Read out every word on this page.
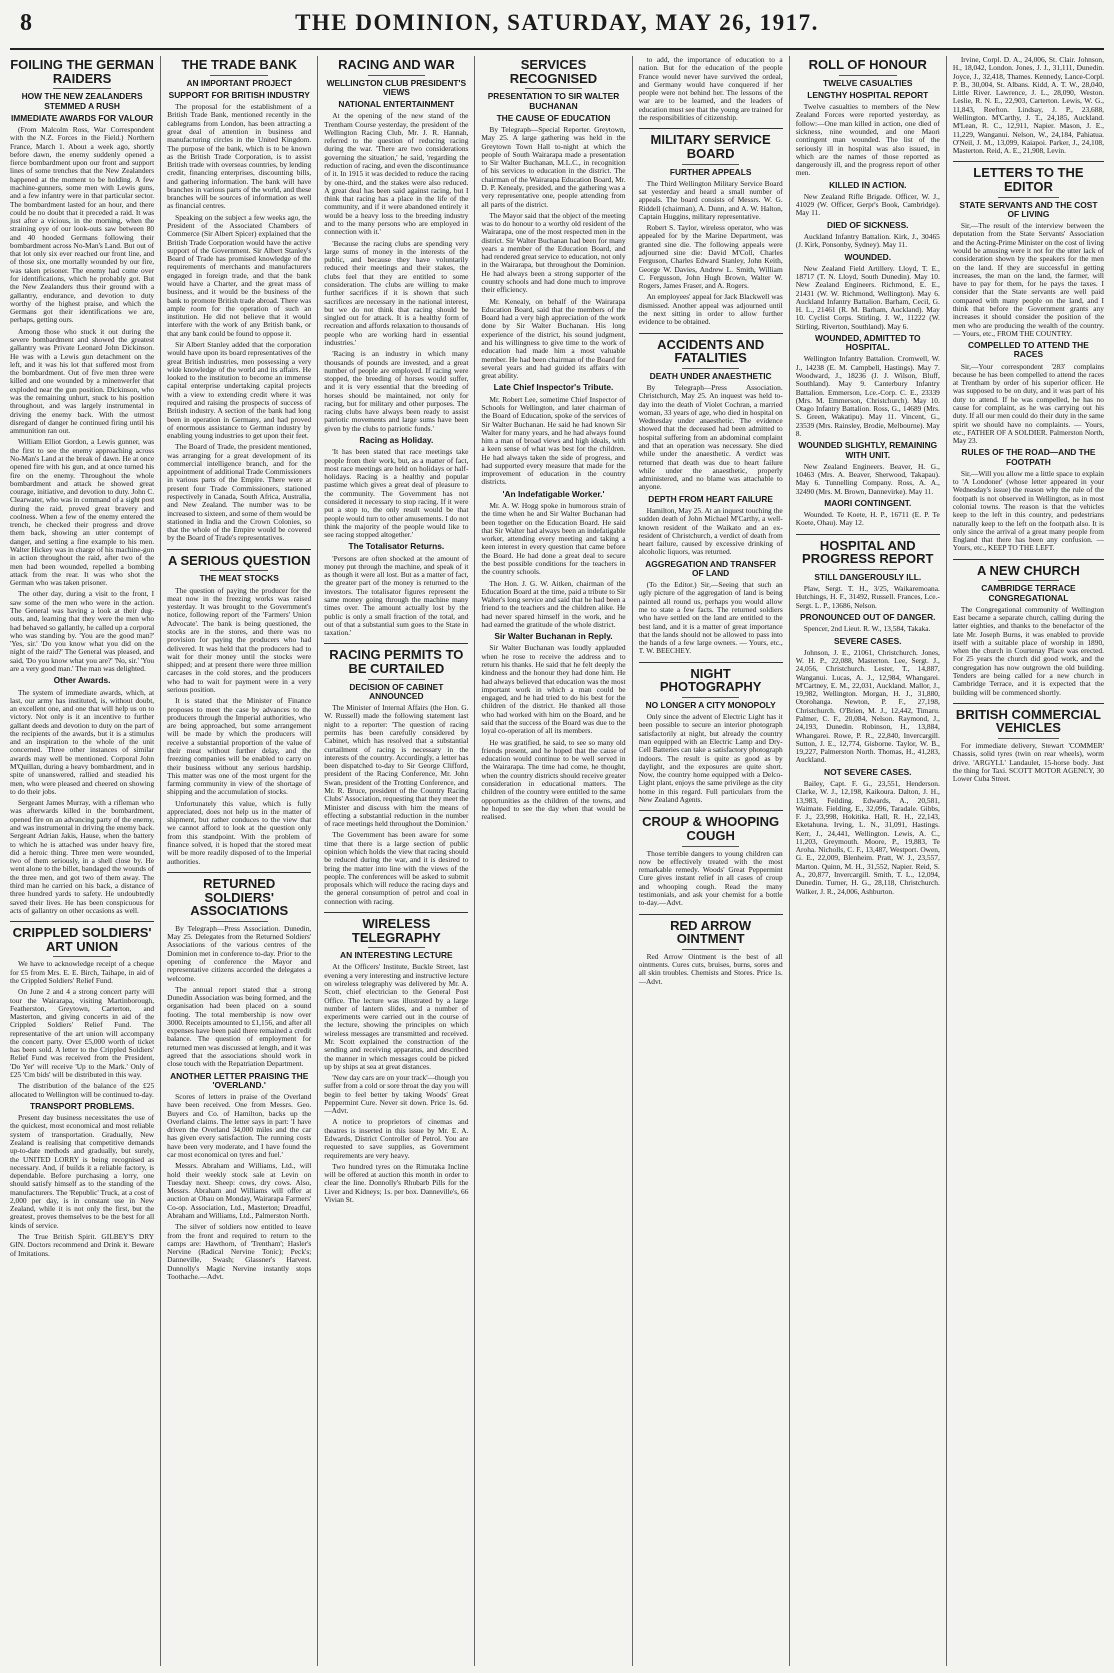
8	THE DOMINION, SATURDAY, MAY 26, 1917.
FOILING THE GERMAN RAIDERS
HOW THE NEW ZEALANDERS STEMMED A RUSH
IMMEDIATE AWARDS FOR VALOUR
(From Malcolm Ross, War Correspondent with the N.Z. Forces in the Field.) Northern France, March 1. About a week ago, shortly before dawn, the enemy suddenly opened a fierce bombardment upon our front and support lines of some trenches that the New Zealanders happened at the moment to be holding. A few machine-gunners, some men with Lewis guns, and a few infantry were in that particular sector. The bombardment lasted for an hour, and there could be no doubt that it preceded a raid. It was just after a vicious, in the morning, when the straining eye of our look-outs saw between 80 and 40 hooded Germans following their bombardment across No-Man's Land. But out of that lot only six ever reached our front line, and of those six, one mortally wounded by our fire, was taken prisoner. The enemy had come over for identifications, which he probably got. But the New Zealanders thus their ground with a gallantry, endurance, and devotion to duty worthy of the highest praise, and which the Germans got their identifications we are, perhaps, getting ours.
Among those who stuck it out during the severe bombardment and showed the greatest gallantry was Private Leonard John Dickinson. He was with a Lewis gun detachment on the left, and it was his lot that suffered most from the bombardment. Out of five men three were killed and one wounded by a minenwerfer that exploded near the gun position. Dickinson, who was the remaining unhurt, stuck to his position throughout, and was largely instrumental in driving the enemy back. With the utmost disregard of danger he continued firing until his ammunition ran out.
William Elliot Gordon, a Lewis gunner, was the first to see the enemy approaching across No-Man's Land at the break of dawn. He at once opened fire with his gun, and at once turned his fire on the enemy. Throughout the whole bombardment and attack he showed great courage, initiative, and devotion to duty. John C. Clearwater, who was in command of a sight post during the raid, proved great bravery and coolness. When a few of the enemy entered the trench, he checked their progress and drove them back, showing an utter contempt of danger, and setting a fine example to his men. Walter Hickey was in charge of his machine-gun in action throughout the raid, after two of the men had been wounded, repelled a bombing attack from the rear. It was who shot the German who was taken prisoner.
The other day, during a visit to the front, I saw some of the men who were in the action. The General was having a look at their dug-outs, and, learning that they were the men who had behaved so gallantly, he called up a corporal who was standing by. 'You are the good man?' 'Yes, sir.' 'Do you know what you did on the night of the raid?' The General was pleased, and said, 'Do you know what you are?' 'No, sir.' 'You are a very good man.' The man was delighted.
Other Awards.
The system of immediate awards, which, at last, our army has instituted, is, without doubt, an excellent one, and one that will help us on to victory. Not only is it an incentive to further gallant deeds and devotion to duty on the part of the recipients of the awards, but it is a stimulus and an inspiration to the whole of the unit concerned. Three other instances of similar awards may well be mentioned. Corporal John M'Quillan, during a heavy bombardment, and in spite of unanswered, rallied and steadied his men, who were pleased and cheered on showing to do their jobs.
Sergeant James Murray, with a rifleman who was afterwards killed in the bombardment, opened fire on an advancing party of the enemy, and was instrumental in driving the enemy back. Sergeant Adrian Jakis, Hause, when the battery to which he is attached was under heavy fire, did a heroic thing. Three men were wounded, two of them seriously, in a shell close by. He went alone to the billet, bandaged the wounds of the three men, and got two of them away. The third man he carried on his back, a distance of three hundred yards to safety. He undoubtedly saved their lives. He has been conspicuous for acts of gallantry on other occasions as well.
CRIPPLED SOLDIERS' ART UNION
We have to acknowledge receipt of a cheque for £5 from Mrs. E. E. Birch, Taihape, in aid of the Crippled Soldiers' Relief Fund.
On June 2 and 4 a strong concert party will tour the Wairarapa, visiting Martinborough, Featherston, Greytown, Carterton, and Masterton, and giving concerts in aid of the Crippled Soldiers' Relief Fund. The representative of the art union will accompany the concert party. Over £5,000 worth of ticket has been sold. A letter to the Crippled Soldiers' Relief Fund was received from the President, 'Do Yer' will receive 'Up to the Mark.' Only of £25 'Cm bids' will be distributed in this way.
The distribution of the balance of the £25 allocated to Wellington will be continued to-day.
TRANSPORT PROBLEMS.
Present day business necessitates the use of the quickest, most economical and most reliable system of transportation. Gradually, New Zealand is realising that competitive demands up-to-date methods and gradually, but surely, the UNITED LORRY is being recognised as necessary. And, if builds it a reliable factory, is dependable. Before purchasing a lorry, one should satisfy himself as to the standing of the manufacturers. The 'Republic' Truck, at a cost of 2,000 per day, is in constant use in New Zealand, while it is not only the first, but the greatest, proves themselves to be the best for all kinds of service.
The True British Spirit. GILBEY'S DRY GIN. Doctors recommend and Drink it. Beware of Imitations.
THE TRADE BANK
AN IMPORTANT PROJECT
SUPPORT FOR BRITISH INDUSTRY
The proposal for the establishment of a British Trade Bank, mentioned recently in the cablegrams from London, has been attracting a great deal of attention in business and manufacturing circles in the United Kingdom. The purpose of the bank, which is to be known as the British Trade Corporation, is to assist British trade with overseas countries, by lending credit, financing enterprises, discounting bills, and gathering information. The bank will have branches in various parts of the world, and these branches will be sources of information as well as financial centres.
Speaking on the subject a few weeks ago, the President of the Associated Chambers of Commerce (Sir Albert Spicer) explained that the British Trade Corporation would have the active support of the Government. Sir Albert Stanley's Board of Trade has promised knowledge of the requirements of merchants and manufacturers engaged in foreign trade, and that the bank would have a Charter, and the great mass of business, and it would be the business of the bank to promote British trade abroad. There was ample room for the operation of such an institution. He did not believe that it would interfere with the work of any British bank, or that any bank could be found to oppose it.
Sir Albert Stanley added that the corporation would have upon its board representatives of the great British industries, men possessing a very wide knowledge of the world and its affairs. He looked to the institution to become an immense capital enterprise undertaking capital projects with a view to extending credit where it was required and raising the prospects of success of British industry. A section of the bank had long been in operation in Germany, and had proved of enormous assistance to German industry by enabling young industries to get upon their feet.
The Board of Trade, the president mentioned, was arranging for a great development of its commercial intelligence branch, and for the appointment of additional Trade Commissioners in various parts of the Empire. There were at present four Trade Commissioners, stationed respectively in Canada, South Africa, Australia, and New Zealand. The number was to be increased to sixteen, and some of them would be stationed in India and the Crown Colonies, so that the whole of the Empire would be covered by the Board of Trade's representatives.
A SERIOUS QUESTION
THE MEAT STOCKS
The question of paying the producer for the meat now in the freezing works was raised yesterday. It was brought to the Government's notice, following report of the 'Farmers' Union Advocate'. The bank is being questioned, the stocks are in the stores, and there was no provision for paying the producers who had delivered. It was held that the producers had to wait for their money until the stocks were shipped; and at present there were three million carcases in the cold stores, and the producers who had to wait for payment were in a very serious position.
It is stated that the Minister of Finance proposes to meet the case by advances to the producers through the Imperial authorities, who are being approached, but some arrangement will be made by which the producers will receive a substantial proportion of the value of their meat without further delay, and the freezing companies will be enabled to carry on their business without any serious hardship. This matter was one of the most urgent for the farming community in view of the shortage of shipping and the accumulation of stocks.
Unfortunately this value, which is fully appreciated, does not help us in the matter of shipment, but rather conduces to the view that we cannot afford to look at the question only from this standpoint. With the problem of finance solved, it is hoped that the stored meat will be more readily disposed of to the Imperial authorities.
RETURNED SOLDIERS' ASSOCIATIONS
By Telegraph—Press Association. Dunedin, May 25. Delegates from the Returned Soldiers' Associations of the various centres of the Dominion met in conference to-day. Prior to the opening of conference the Mayor and representative citizens accorded the delegates a welcome.
The annual report stated that a strong Dunedin Association was being formed, and the organisation had been placed on a sound footing. The total membership is now over 3000. Receipts amounted to £1,156, and after all expenses have been paid there remained a credit balance. The question of employment for returned men was discussed at length, and it was agreed that the associations should work in close touch with the Repatriation Department.
ANOTHER LETTER PRAISING THE 'OVERLAND.'
Scores of letters in praise of the Overland have been received. One from Messrs. Geo. Buyers and Co. of Hamilton, backs up the Overland claims. The letter says in part: 'I have driven the Overland 34,000 miles and the car has given every satisfaction. The running costs have been very moderate, and I have found the car most economical on tyres and fuel.'
Messrs. Abraham and Williams, Ltd., will hold their weekly stock sale at Levin on Tuesday next. Sheep: cows, dry cows. Also, Messrs. Abraham and Williams will offer at auction at Ohau on Monday, Wairarapa Farmers' Co-op. Association, Ltd., Masterton; Dreadful, Abraham and Williams, Ltd., Palmerston North.
The silver of soldiers now entitled to leave from the front and required to return to the camps are: Hawthorn, of 'Trentham'; Hasler's Nervine (Radical Nervine Tonic); Peck's; Danneville, Swash; Glassner's Harvest. Dunnolly's Magic Nervine instantly stops Toothache.—Advt.
RACING AND WAR
WELLINGTON CLUB PRESIDENT'S VIEWS
NATIONAL ENTERTAINMENT
At the opening of the new stand of the Trentham Course yesterday, the president of the Wellington Racing Club, Mr. J. R. Hannah, referred to the question of reducing racing during the war. 'There are two considerations governing the situation,' he said, 'regarding the reduction of racing, and even the discontinuance of it. In 1915 it was decided to reduce the racing by one-third, and the stakes were also reduced. A great deal has been said against racing, but I think that racing has a place in the life of the community, and if it were abandoned entirely it would be a heavy loss to the breeding industry and to the many persons who are employed in connection with it.'
'Because the racing clubs are spending very large sums of money in the interests of the public, and because they have voluntarily reduced their meetings and their stakes, the clubs feel that they are entitled to some consideration. The clubs are willing to make further sacrifices if it is shown that such sacrifices are necessary in the national interest, but we do not think that racing should be singled out for attack. It is a healthy form of recreation and affords relaxation to thousands of people who are working hard in essential industries.'
'Racing is an industry in which many thousands of pounds are invested, and a great number of people are employed. If racing were stopped, the breeding of horses would suffer, and it is very essential that the breeding of horses should be maintained, not only for racing, but for military and other purposes. The racing clubs have always been ready to assist patriotic movements and large sums have been given by the clubs to patriotic funds.'
Racing as Holiday.
'It has been stated that race meetings take people from their work, but, as a matter of fact, most race meetings are held on holidays or half-holidays. Racing is a healthy and popular pastime which gives a great deal of pleasure to the community. The Government has not considered it necessary to stop racing. If it were put a stop to, the only result would be that people would turn to other amusements. I do not think the majority of the people would like to see racing stopped altogether.'
The Totalisator Returns.
'Persons are often shocked at the amount of money put through the machine, and speak of it as though it were all lost. But as a matter of fact, the greater part of the money is returned to the investors. The totalisator figures represent the same money going through the machine many times over. The amount actually lost by the public is only a small fraction of the total, and out of that a substantial sum goes to the State in taxation.'
RACING PERMITS TO BE CURTAILED
DECISION OF CABINET ANNOUNCED
The Minister of Internal Affairs (the Hon. G. W. Russell) made the following statement last night to a reporter: 'The question of racing permits has been carefully considered by Cabinet, which has resolved that a substantial curtailment of racing is necessary in the interests of the country. Accordingly, a letter has been dispatched to-day to Sir George Clifford, president of the Racing Conference, Mr. John Swan, president of the Trotting Conference, and Mr. R. Bruce, president of the Country Racing Clubs' Association, requesting that they meet the Minister and discuss with him the means of effecting a substantial reduction in the number of race meetings held throughout the Dominion.'
The Government has been aware for some time that there is a large section of public opinion which holds the view that racing should be reduced during the war, and it is desired to bring the matter into line with the views of the people. The conferences will be asked to submit proposals which will reduce the racing days and the general consumption of petrol and coal in connection with racing.
WIRELESS TELEGRAPHY
AN INTERESTING LECTURE
At the Officers' Institute, Buckle Street, last evening a very interesting and instructive lecture on wireless telegraphy was delivered by Mr. A. Scott, chief electrician to the General Post Office. The lecture was illustrated by a large number of lantern slides, and a number of experiments were carried out in the course of the lecture, showing the principles on which wireless messages are transmitted and received. Mr. Scott explained the construction of the sending and receiving apparatus, and described the manner in which messages could be picked up by ships at sea at great distances.
'New day cars are on your track'—though you suffer from a cold or sore throat the day you will begin to feel better by taking Woods' Great Peppermint Cure. Never sit down. Price 1s. 6d.—Advt.
A notice to proprietors of cinemas and theatres is inserted in this issue by Mr. E. A. Edwards, District Controller of Petrol. You are requested to save supplies, as Government requirements are very heavy.
Two hundred tyres on the Rimutaka Incline will be offered at auction this month in order to clear the line. Donnolly's Rhubarb Pills for the Liver and Kidneys; 1s. per box. Danneville's, 66 Vivian St.
SERVICES RECOGNISED
PRESENTATION TO SIR WALTER BUCHANAN
THE CAUSE OF EDUCATION
By Telegraph—Special Reporter. Greytown, May 25. A large gathering was held in the Greytown Town Hall to-night at which the people of South Wairarapa made a presentation to Sir Walter Buchanan, M.L.C., in recognition of his services to education in the district. The chairman of the Wairarapa Education Board, Mr. D. P. Kenealy, presided, and the gathering was a very representative one, people attending from all parts of the district.
The Mayor said that the object of the meeting was to do honour to a worthy old resident of the Wairarapa, one of the most respected men in the district. Sir Walter Buchanan had been for many years a member of the Education Board, and had rendered great service to education, not only in the Wairarapa, but throughout the Dominion. He had always been a strong supporter of the country schools and had done much to improve their efficiency.
Mr. Kenealy, on behalf of the Wairarapa Education Board, said that the members of the Board had a very high appreciation of the work done by Sir Walter Buchanan. His long experience of the district, his sound judgment, and his willingness to give time to the work of education had made him a most valuable member. He had been chairman of the Board for several years and had guided its affairs with great ability.
Late Chief Inspector's Tribute.
Mr. Robert Lee, sometime Chief Inspector of Schools for Wellington, and later chairman of the Board of Education, spoke of the services of Sir Walter Buchanan. He said he had known Sir Walter for many years, and he had always found him a man of broad views and high ideals, with a keen sense of what was best for the children. He had always taken the side of progress, and had supported every measure that made for the improvement of education in the country districts.
'An Indefatigable Worker.'
Mr. A. W. Hogg spoke in humorous strain of the time when he and Sir Walter Buchanan had been together on the Education Board. He said that Sir Walter had always been an indefatigable worker, attending every meeting and taking a keen interest in every question that came before the Board. He had done a great deal to secure the best possible conditions for the teachers in the country schools.
The Hon. J. G. W. Aitken, chairman of the Education Board at the time, paid a tribute to Sir Walter's long service and said that he had been a friend to the teachers and the children alike. He had never spared himself in the work, and he had earned the gratitude of the whole district.
Sir Walter Buchanan in Reply.
Sir Walter Buchanan was loudly applauded when he rose to receive the address and to return his thanks. He said that he felt deeply the kindness and the honour they had done him. He had always believed that education was the most important work in which a man could be engaged, and he had tried to do his best for the children of the district. He thanked all those who had worked with him on the Board, and he said that the success of the Board was due to the loyal co-operation of all its members.
He was gratified, he said, to see so many old friends present, and he hoped that the cause of education would continue to be well served in the Wairarapa. The time had come, he thought, when the country districts should receive greater consideration in educational matters. The children of the country were entitled to the same opportunities as the children of the towns, and he hoped to see the day when that would be realised.
to add, the importance of education to a nation. But for the education of the people France would never have survived the ordeal, and Germany would have conquered if her people were not behind her. The lessons of the war are to be learned, and the leaders of education must see that the young are trained for the responsibilities of citizenship.
MILITARY SERVICE BOARD
FURTHER APPEALS
The Third Wellington Military Service Board sat yesterday and heard a small number of appeals. The board consists of Messrs. W. G. Riddell (chairman), A. Dunn, and A. W. Halton, Captain Huggins, military representative.
Robert S. Taylor, wireless operator, who was appealed for by the Marine Department, was granted sine die. The following appeals were adjourned sine die: David M'Coll, Charles Ferguson, Charles Edward Stanley, John Keith, George W. Davies, Andrew L. Smith, William C. Fergusson, John Hugh Brown, Walter W. Rogers, James Fraser, and A. Rogers.
An employees' appeal for Jack Blackwell was dismissed. Another appeal was adjourned until the next sitting in order to allow further evidence to be obtained.
ACCIDENTS AND FATALITIES
DEATH UNDER ANAESTHETIC
By Telegraph—Press Association. Christchurch, May 25. An inquest was held to-day into the death of Violet Cochran, a married woman, 33 years of age, who died in hospital on Wednesday under anaesthetic. The evidence showed that the deceased had been admitted to hospital suffering from an abdominal complaint and that an operation was necessary. She died while under the anaesthetic. A verdict was returned that death was due to heart failure while under the anaesthetic, properly administered, and no blame was attachable to anyone.
DEPTH FROM HEART FAILURE
Hamilton, May 25. At an inquest touching the sudden death of John Michael M'Carthy, a well-known resident of the Waikato and an ex-resident of Christchurch, a verdict of death from heart failure, caused by excessive drinking of alcoholic liquors, was returned.
AGGREGATION AND TRANSFER OF LAND
(To the Editor.) Sir,—Seeing that such an ugly picture of the aggregation of land is being painted all round us, perhaps you would allow me to state a few facts. The returned soldiers who have settled on the land are entitled to the best land, and it is a matter of great importance that the lands should not be allowed to pass into the hands of a few large owners. — Yours, etc., T. W. BEECHEY.
NIGHT PHOTOGRAPHY
NO LONGER A CITY MONOPOLY
Only since the advent of Electric Light has it been possible to secure an interior photograph satisfactorily at night, but already the country man equipped with an Electric Lamp and Dry-Cell Batteries can take a satisfactory photograph indoors. The result is quite as good as by daylight, and the exposures are quite short. Now, the country home equipped with a Delco-Light plant, enjoys the same privilege as the city home in this regard. Full particulars from the New Zealand Agents.
CROUP & WHOOPING COUGH
Those terrible dangers to young children can now be effectively treated with the most remarkable remedy. Woods' Great Peppermint Cure gives instant relief in all cases of croup and whooping cough. Read the many testimonials, and ask your chemist for a bottle to-day.—Advt.
RED ARROW OINTMENT
Red Arrow Ointment is the best of all ointments. Cures cuts, bruises, burns, sores and all skin troubles. Chemists and Stores. Price 1s.—Advt.
ROLL OF HONOUR
TWELVE CASUALTIES
LENGTHY HOSPITAL REPORT
Twelve casualties to members of the New Zealand Forces were reported yesterday, as follow:—One man killed in action, one died of sickness, nine wounded, and one Maori contingent man wounded. The list of the seriously ill in hospital was also issued, in which are the names of those reported as dangerously ill, and the progress report of other men.
KILLED IN ACTION.
New Zealand Rifle Brigade. Officer, W. J., 41029 (W. Officer, Gerpr's Book, Cambridge). May 11.
DIED OF SICKNESS.
Auckland Infantry Battalion. Kirk, J., 30465 (J. Kirk, Ponsonby, Sydney). May 11.
WOUNDED.
New Zealand Field Artillery. Lloyd, T. E., 18717 (T. N. Lloyd, South Dunedin). May 10. New Zealand Engineers. Richmond, E. E., 21431 (W. W. Richmond, Wellington). May 6. Auckland Infantry Battalion. Barham, Cecil, G. H. L., 21461 (R. M. Barham, Auckland). May 10. Cyclist Corps. Stirling, J. W., 11222 (W. Stirling, Riverton, Southland). May 6.
WOUNDED, ADMITTED TO HOSPITAL.
Wellington Infantry Battalion. Cromwell, W. J., 14238 (E. M. Campbell, Hastings). May 7. Woodward, J., 18236 (J. J. Wilson, Bluff, Southland). May 9. Canterbury Infantry Battalion. Emmerson, Lce.-Corp. C. E., 23339 (Mrs. M. Emmerson, Christchurch). May 10. Otago Infantry Battalion. Ross, G., 14689 (Mrs. S. Green, Wakatipu). May 11. Vincent, G., 23539 (Mrs. Rainsley, Brodie, Melbourne). May 8.
WOUNDED SLIGHTLY, REMAINING WITH UNIT.
New Zealand Engineers. Beaver, H. G., 10463 (Mrs. A. Beaver, Sherwood, Takapau). May 6. Tunnelling Company. Ross, A. A., 32490 (Mrs. M. Brown, Dannevirke). May 11.
MAORI CONTINGENT.
Wounded. Te Koete, H. P., 16711 (E. P. Te Koete, Ohau). May 12.
HOSPITAL AND PROGRESS REPORT
STILL DANGEROUSLY ILL.
Plaw, Sergt. T. H., 3/25, Waikaremoana. Hutchings, H. F., 31492, Russell. Frances, Lce.-Sergt. L. P., 13686, Nelson.
PRONOUNCED OUT OF DANGER.
Spencer, 2nd Lieut. R. W., 13,584, Takaka.
SEVERE CASES.
Johnson, J. E., 21061, Christchurch. Jones, W. H. P., 22,088, Masterton. Lee, Sergt. J., 24,056, Christchurch. Lester, T., 14,887, Wanganui. Lucas, A. J., 12,984, Whangarei. M'Cartney, E. M., 22,031, Auckland. Mallor, J., 19,982, Wellington. Morgan, H. J., 31,880, Otorohanga. Newton, P. F., 27,198, Christchurch. O'Brien, M. J., 12,442, Timaru. Palmer, C. F., 20,084, Nelson. Raymond, J., 24,193, Dunedin. Robinson, H., 13,884, Whangarei. Rowe, P. R., 22,840, Invercargill. Sutton, J. E., 12,774, Gisborne. Taylor, W. B., 19,227, Palmerston North. Thomas, H., 41,283, Auckland.
NOT SEVERE CASES.
Bailey, Capt. F. G., 23,551, Henderson. Clarke, W. J., 12,198, Kaikoura. Dalton, J. H., 13,983, Feilding. Edwards, A., 20,581, Waimate. Fielding, E., 32,096, Taradale. Gibbs, F. J., 23,998, Hokitika. Hall, R. H., 22,143, Eketahuna. Irving, L. N., 31,091, Hastings. Kerr, J., 24,441, Wellington. Lewis, A. C., 11,203, Greymouth. Moore, P., 19,883, Te Aroha. Nicholls, C. F., 13,487, Westport. Owen, G. E., 22,009, Blenheim. Pratt, W. J., 23,557, Marton. Quinn, M. H., 31,552, Napier. Reid, S. A., 20,877, Invercargill. Smith, T. L., 12,094, Dunedin. Turner, H. G., 28,118, Christchurch. Walker, J. R., 24,006, Ashburton.
Irvine, Corpl. D. A., 24,006, St. Clair. Johnson, H., 18,042, London. Jones, J. J., 31,111, Dunedin. Joyce, J., 32,418, Thames. Kennedy, Lance-Corpl. P. B., 30,004, St. Albans. Kidd, A. T. W., 28,040, Little River. Lawrence, J. L., 28,090, Weston. Leslie, R. N. E., 22,903, Carterton. Lewis, W. G., 11,843, Reefton. Lindsay, J. P., 23,688, Wellington. M'Carthy, J. T., 24,185, Auckland. M'Lean, R. C., 12,911, Napier. Mason, J. E., 11,229, Wanganui. Nelson, W., 24,184, Pahiatua. O'Neil, J. M., 13,099, Kaiapoi. Parker, J., 24,108, Masterton. Reid, A. E., 21,908, Levin.
LETTERS TO THE EDITOR
STATE SERVANTS AND THE COST OF LIVING
Sir,—The result of the interview between the deputation from the State Servants' Association and the Acting-Prime Minister on the cost of living would be amusing were it not for the utter lack of consideration shown by the speakers for the men on the land. If they are successful in getting increases, the man on the land, the farmer, will have to pay for them, for he pays the taxes. I consider that the State servants are well paid compared with many people on the land, and I think that before the Government grants any increases it should consider the position of the men who are producing the wealth of the country. — Yours, etc., FROM THE COUNTRY.
COMPELLED TO ATTEND THE RACES
Sir,—Your correspondent '283' complains because he has been compelled to attend the races at Trentham by order of his superior officer. He was supposed to be on duty, and it was part of his duty to attend. If he was compelled, he has no cause for complaint, as he was carrying out his duty. If all our men could do their duty in the same spirit we should have no complaints. — Yours, etc., FATHER OF A SOLDIER. Palmerston North, May 23.
RULES OF THE ROAD—AND THE FOOTPATH
Sir,—Will you allow me a little space to explain to 'A Londoner' (whose letter appeared in your Wednesday's issue) the reason why the rule of the footpath is not observed in Wellington, as in most colonial towns. The reason is that the vehicles keep to the left in this country, and pedestrians naturally keep to the left on the footpath also. It is only since the arrival of a great many people from England that there has been any confusion. — Yours, etc., KEEP TO THE LEFT.
A NEW CHURCH
CAMBRIDGE TERRACE CONGREGATIONAL
The Congregational community of Wellington East became a separate church, calling during the latter eighties, and thanks to the benefactor of the late Mr. Joseph Burns, it was enabled to provide itself with a suitable place of worship in 1890, when the church in Courtenay Place was erected. For 25 years the church did good work, and the congregation has now outgrown the old building. Tenders are being called for a new church in Cambridge Terrace, and it is expected that the building will be commenced shortly.
BRITISH COMMERCIAL VEHICLES
For immediate delivery, Stewart 'COMMER' Chassis, solid tyres (twin on rear wheels), worm drive. 'ARGYLL' Landaulet, 15-horse body. Just the thing for Taxi. SCOTT MOTOR AGENCY, 30 Lower Cuba Street.
